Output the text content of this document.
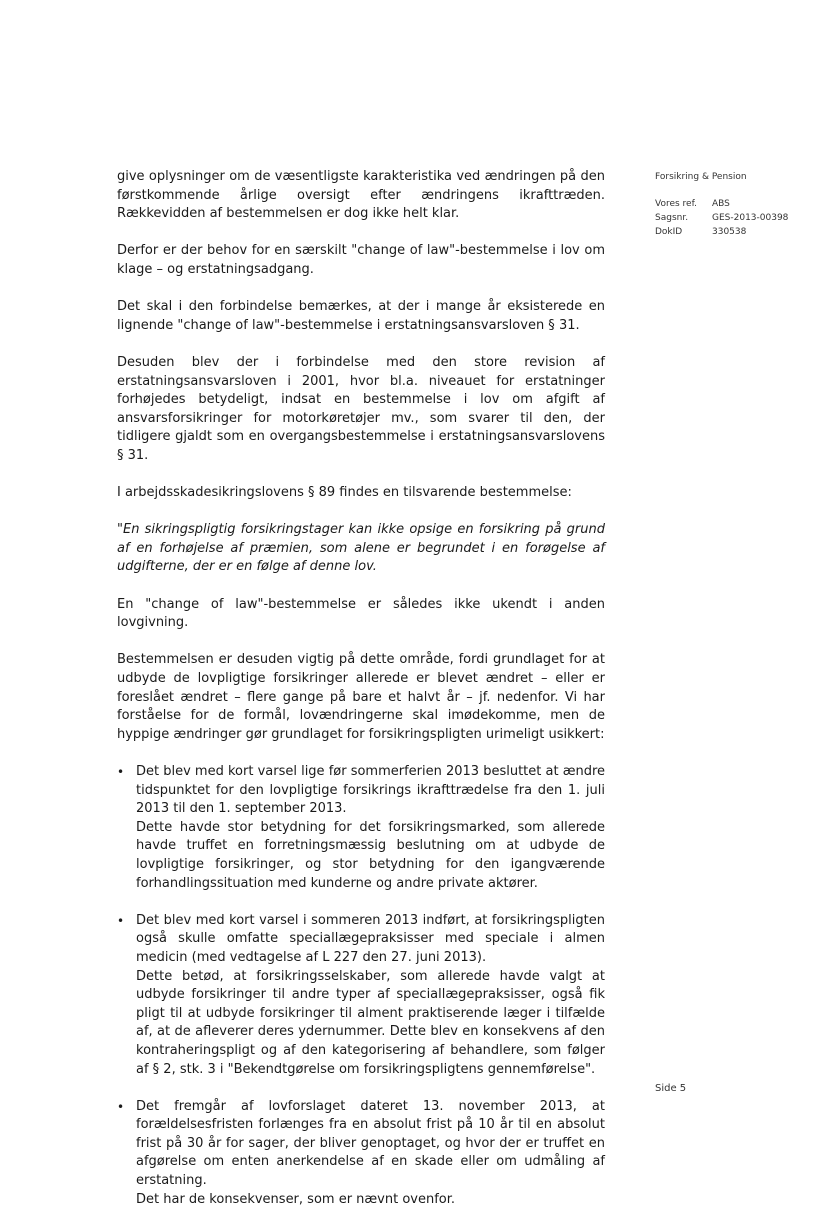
give oplysninger om de væsentligste karakteristika ved ændringen på den førstkommende årlige oversigt efter ændringens ikrafttræden. Rækkevidden af bestemmelsen er dog ikke helt klar.

Derfor er der behov for en særskilt "change of law"-bestemmelse i lov om klage – og erstatningsadgang.

Det skal i den forbindelse bemærkes, at der i mange år eksisterede en lignende "change of law"-bestemmelse i erstatningsansvarsloven § 31.

Desuden blev der i forbindelse med den store revision af erstatningsansvarsloven i 2001, hvor bl.a. niveauet for erstatninger forhøjedes betydeligt, indsat en bestemmelse i lov om afgift af ansvarsforsikringer for motorkøretøjer mv., som svarer til den, der tidligere gjaldt som en overgangsbestemmelse i erstatningsansvarslovens § 31.

I arbejdsskadesikringslovens § 89 findes en tilsvarende bestemmelse:

"En sikringspligtig forsikringstager kan ikke opsige en forsikring på grund af en forhøjelse af præmien, som alene er begrundet i en forøgelse af udgifterne, der er en følge af denne lov.

En "change of law"-bestemmelse er således ikke ukendt i anden lovgivning.

Bestemmelsen er desuden vigtig på dette område, fordi grundlaget for at udbyde de lovpligtige forsikringer allerede er blevet ændret – eller er foreslået ændret – flere gange på bare et halvt år – jf. nedenfor. Vi har forståelse for de formål, lovændringerne skal imødekomme, men de hyppige ændringer gør grundlaget for forsikringspligten urimeligt usikkert:

• Det blev med kort varsel lige før sommerferien 2013 besluttet at ændre tidspunktet for den lovpligtige forsikrings ikrafttrædelse fra den 1. juli 2013 til den 1. september 2013.
Dette havde stor betydning for det forsikringsmarked, som allerede havde truffet en forretningsmæssig beslutning om at udbyde de lovpligtige forsikringer, og stor betydning for den igangværende forhandlingssituation med kunderne og andre private aktører.
• Det blev med kort varsel i sommeren 2013 indført, at forsikringspligten også skulle omfatte speciallægepraksisser med speciale i almen medicin (med vedtagelse af L 227 den 27. juni 2013).
Dette betød, at forsikringsselskaber, som allerede havde valgt at udbyde forsikringer til andre typer af speciallægepraksisser, også fik pligt til at udbyde forsikringer til alment praktiserende læger i tilfælde af, at de afleverer deres ydernummer. Dette blev en konsekvens af den kontraheringspligt og af den kategorisering af behandlere, som følger af § 2, stk. 3 i "Bekendtgørelse om forsikringspligtens gennemførelse".
• Det fremgår af lovforslaget dateret 13. november 2013, at forældelsesfristen forlænges fra en absolut frist på 10 år til en absolut frist på 30 år for sager, der bliver genoptaget, og hvor der er truffet en afgørelse om enten anerkendelse af en skade eller om udmåling af erstatning.
Det har de konsekvenser, som er nævnt ovenfor.
Forsikring & Pension
Vores ref.	ABS
Sagsnr.	GES-2013-00398
DokID	330538
Side 5
